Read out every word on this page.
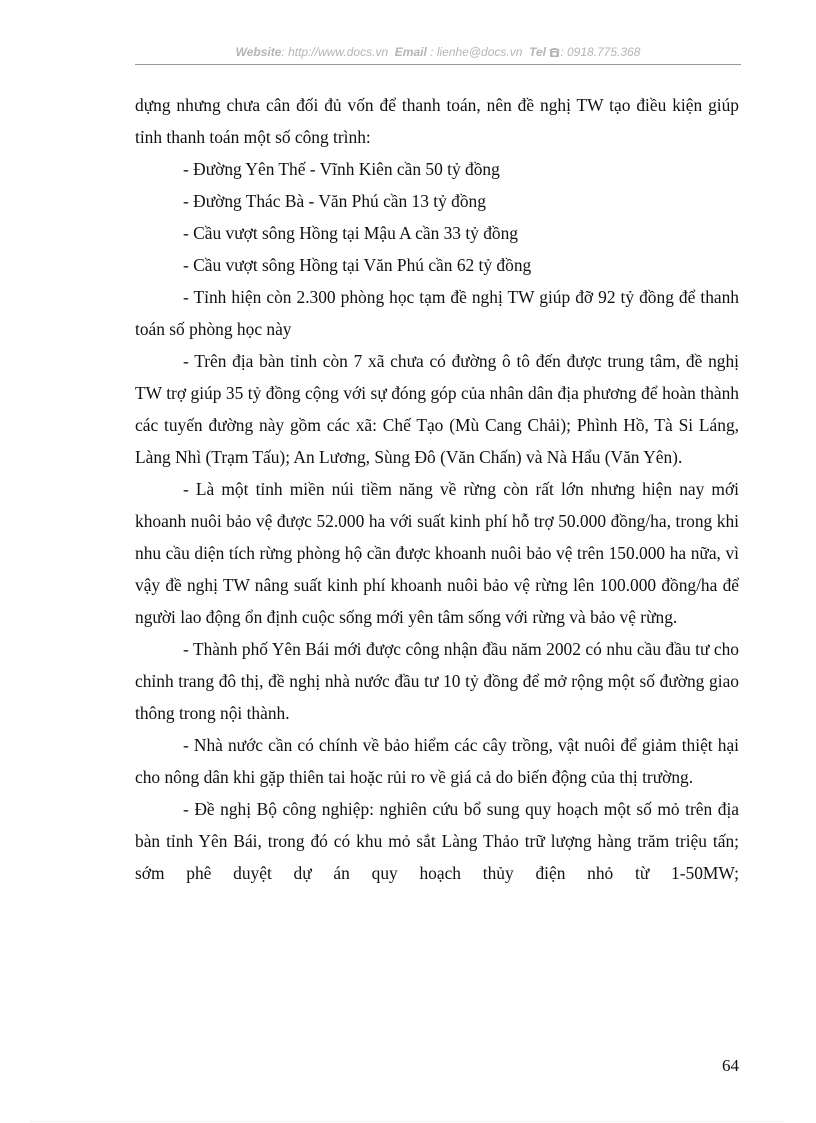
Website: http://www.docs.vn Email : lienhe@docs.vn Tel : 0918.775.368

dựng nhưng chưa cân đối đủ vốn để thanh toán, nên đề nghị TW tạo điều kiện giúp tỉnh thanh toán một số công trình:

- Đường Yên Thế - Vĩnh Kiên cần 50 tỷ đồng

- Đường Thác Bà - Văn Phú cần 13 tỷ đồng

- Cầu vượt sông Hồng tại Mậu A cần 33 tỷ đồng

- Cầu vượt sông Hồng tại Văn Phú cần 62 tỷ đồng

- Tỉnh hiện còn 2.300 phòng học tạm đề nghị TW giúp đỡ 92 tỷ đồng để thanh toán số phòng học này

- Trên địa bàn tỉnh còn 7 xã chưa có đường ô tô đến được trung tâm, đề nghị TW trợ giúp 35 tỷ đồng cộng với sự đóng góp của nhân dân địa phương để hoàn thành các tuyến đường này gồm các xã: Chế Tạo (Mù Cang Chải); Phình Hồ, Tà Si Láng, Làng Nhì (Trạm Tấu); An Lương, Sùng Đô (Văn Chấn) và Nà Hẩu (Văn Yên).

- Là một tỉnh miền núi tiềm năng về rừng còn rất lớn nhưng hiện nay mới khoanh nuôi bảo vệ được 52.000 ha với suất kinh phí hỗ trợ 50.000 đồng/ha, trong khi nhu cầu diện tích rừng phòng hộ cần được khoanh nuôi bảo vệ trên 150.000 ha nữa, vì vậy đề nghị TW nâng suất kinh phí khoanh nuôi bảo vệ rừng lên 100.000 đồng/ha để người lao động ổn định cuộc sống mới yên tâm sống với rừng và bảo vệ rừng.

- Thành phố Yên Bái mới được công nhận đầu năm 2002 có nhu cầu đầu tư cho chỉnh trang đô thị, đề nghị nhà nước đầu tư 10 tỷ đồng để mở rộng một số đường giao thông trong nội thành.

- Nhà nước cần có chính về bảo hiểm các cây trồng, vật nuôi để giảm thiệt hại cho nông dân khi gặp thiên tai hoặc rủi ro về giá cả do biến động của thị trường.

- Đề nghị Bộ công nghiệp: nghiên cứu bổ sung quy hoạch một số mỏ trên địa bàn tỉnh Yên Bái, trong đó có khu mỏ sắt Làng Thảo trữ lượng hàng trăm triệu tấn; sớm phê duyệt dự án quy hoạch thủy điện nhỏ từ 1-50MW;

64
